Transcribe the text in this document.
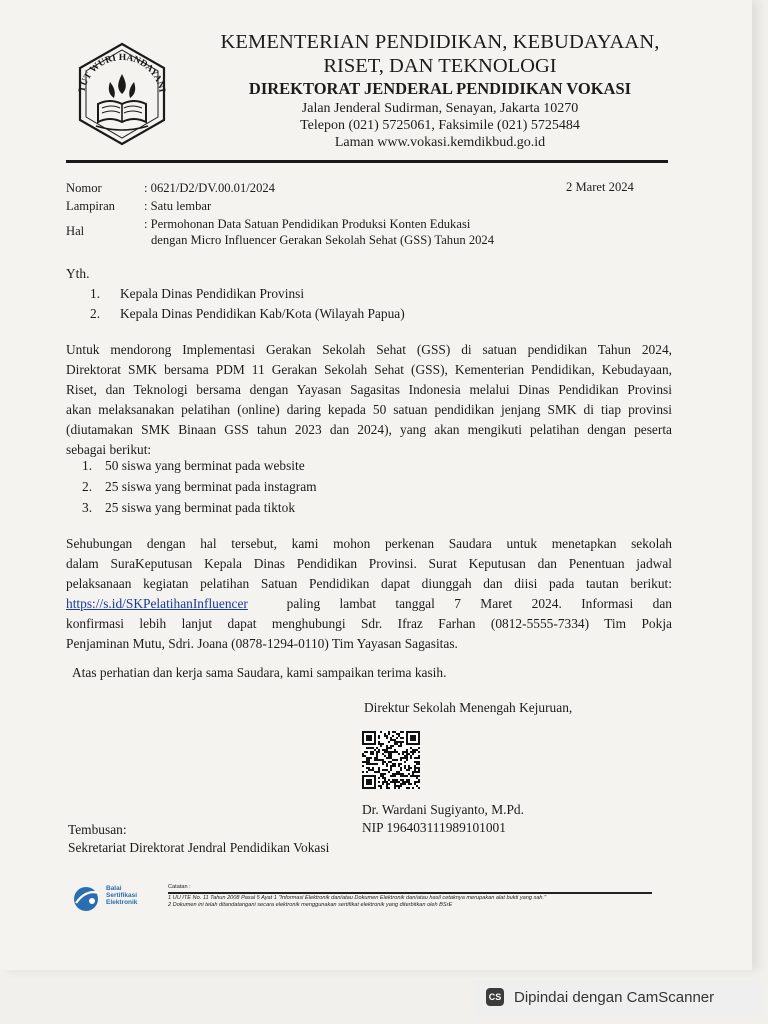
TUT WURI HANDAYANI
KEMENTERIAN PENDIDIKAN, KEBUDAYAAN,
RISET, DAN TEKNOLOGI
DIREKTORAT JENDERAL PENDIDIKAN VOKASI
Jalan Jenderal Sudirman, Senayan, Jakarta 10270
Telepon (021) 5725061, Faksimile (021) 5725484
Laman www.vokasi.kemdikbud.go.id
Nomor	: 0621/D2/DV.00.01/2024
Lampiran : Satu lembar
Hal	: Permohonan Data Satuan Pendidikan Produksi Konten Edukasi
dengan Micro Influencer Gerakan Sekolah Sehat (GSS) Tahun 2024
2 Maret 2024
Yth.
1. Kepala Dinas Pendidikan Provinsi
2. Kepala Dinas Pendidikan Kab/Kota (Wilayah Papua)
Untuk mendorong Implementasi Gerakan Sekolah Sehat (GSS) di satuan pendidikan Tahun 2024,
Direktorat SMK bersama PDM 11 Gerakan Sekolah Sehat (GSS), Kementerian Pendidikan, Kebudayaan,
Riset, dan Teknologi bersama dengan Yayasan Sagasitas Indonesia melalui Dinas Pendidikan Provinsi
akan melaksanakan pelatihan (online) daring kepada 50 satuan pendidikan jenjang SMK di tiap provinsi
(diutamakan SMK Binaan GSS tahun 2023 dan 2024), yang akan mengikuti pelatihan dengan peserta
sebagai berikut:
1. 50 siswa yang berminat pada website
2. 25 siswa yang berminat pada instagram
3. 25 siswa yang berminat pada tiktok
Sehubungan dengan hal tersebut, kami mohon perkenan Saudara untuk menetapkan sekolah
dalam SuraKeputusan Kepala Dinas Pendidikan Provinsi. Surat Keputusan dan Penentuan jadwal
pelaksanaan kegiatan pelatihan Satuan Pendidikan dapat diunggah dan diisi pada tautan berikut:
https://s.id/SKPelatihanInfluencer	paling lambat tanggal 7 Maret 2024. Informasi dan
konfirmasi lebih lanjut dapat menghubungi Sdr. Ifraz Farhan (0812-5555-7334) Tim Pokja
Penjaminan Mutu, Sdri. Joana (0878-1294-0110) Tim Yayasan Sagasitas.
Atas perhatian dan kerja sama Saudara, kami sampaikan terima kasih.
Direktur Sekolah Menengah Kejuruan,
Dr. Wardani Sugiyanto, M.Pd.
NIP 196403111989101001
Tembusan:
Sekretariat Direktorat Jendral Pendidikan Vokasi
Balai
Sertifikasi
Elektronik
Catatan :
1 UU ITE No. 11 Tahun 2008 Pasal 5 Ayat 1 "Informasi Elektronik dan/atau Dokumen Elektronik dan/atau hasil cetaknya merupakan alat bukti yang sah."
2 Dokumen ini telah ditandatangani secara elektronik menggunakan sertifikat elektronik yang diterbitkan oleh BSrE
CS Dipindai dengan CamScanner
